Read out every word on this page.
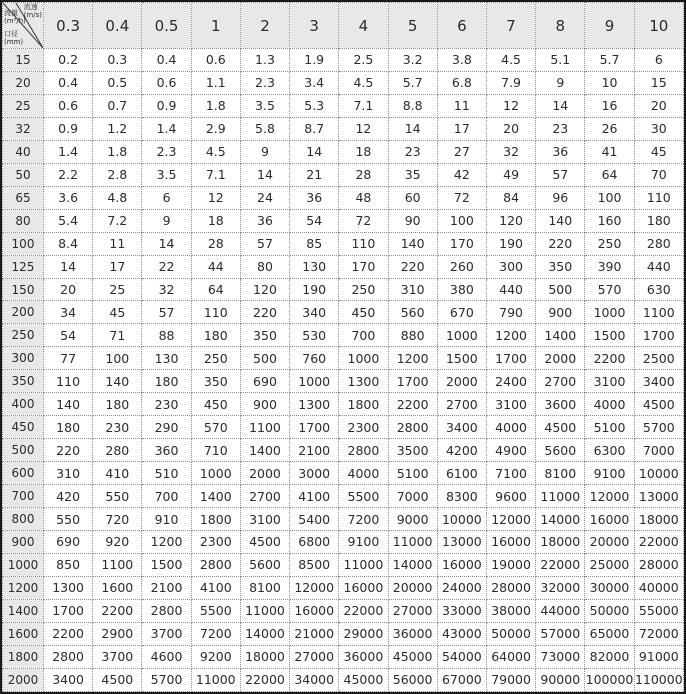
流速
(m/s)
流量
(m³/h)
口径
(mm)
	0.3	0.4	0.5	1	2	3	4	5	6	7	8	9	10
15	0.2	0.3	0.4	0.6	1.3	1.9	2.5	3.2	3.8	4.5	5.1	5.7	6
20	0.4	0.5	0.6	1.1	2.3	3.4	4.5	5.7	6.8	7.9	9	10	15
25	0.6	0.7	0.9	1.8	3.5	5.3	7.1	8.8	11	12	14	16	20
32	0.9	1.2	1.4	2.9	5.8	8.7	12	14	17	20	23	26	30
40	1.4	1.8	2.3	4.5	9	14	18	23	27	32	36	41	45
50	2.2	2.8	3.5	7.1	14	21	28	35	42	49	57	64	70
65	3.6	4.8	6	12	24	36	48	60	72	84	96	100	110
80	5.4	7.2	9	18	36	54	72	90	100	120	140	160	180
100	8.4	11	14	28	57	85	110	140	170	190	220	250	280
125	14	17	22	44	80	130	170	220	260	300	350	390	440
150	20	25	32	64	120	190	250	310	380	440	500	570	630
200	34	45	57	110	220	340	450	560	670	790	900	1000	1100
250	54	71	88	180	350	530	700	880	1000	1200	1400	1500	1700
300	77	100	130	250	500	760	1000	1200	1500	1700	2000	2200	2500
350	110	140	180	350	690	1000	1300	1700	2000	2400	2700	3100	3400
400	140	180	230	450	900	1300	1800	2200	2700	3100	3600	4000	4500
450	180	230	290	570	1100	1700	2300	2800	3400	4000	4500	5100	5700
500	220	280	360	710	1400	2100	2800	3500	4200	4900	5600	6300	7000
600	310	410	510	1000	2000	3000	4000	5100	6100	7100	8100	9100	10000
700	420	550	700	1400	2700	4100	5500	7000	8300	9600	11000	12000	13000
800	550	720	910	1800	3100	5400	7200	9000	10000	12000	14000	16000	18000
900	690	920	1200	2300	4500	6800	9100	11000	13000	16000	18000	20000	22000
1000	850	1100	1500	2800	5600	8500	11000	14000	16000	19000	22000	25000	28000
1200	1300	1600	2100	4100	8100	12000	16000	20000	24000	28000	32000	30000	40000
1400	1700	2200	2800	5500	11000	16000	22000	27000	33000	38000	44000	50000	55000
1600	2200	2900	3700	7200	14000	21000	29000	36000	43000	50000	57000	65000	72000
1800	2800	3700	4600	9200	18000	27000	36000	45000	54000	64000	73000	82000	91000
2000	3400	4500	5700	11000	22000	34000	45000	56000	67000	79000	90000	100000	110000
